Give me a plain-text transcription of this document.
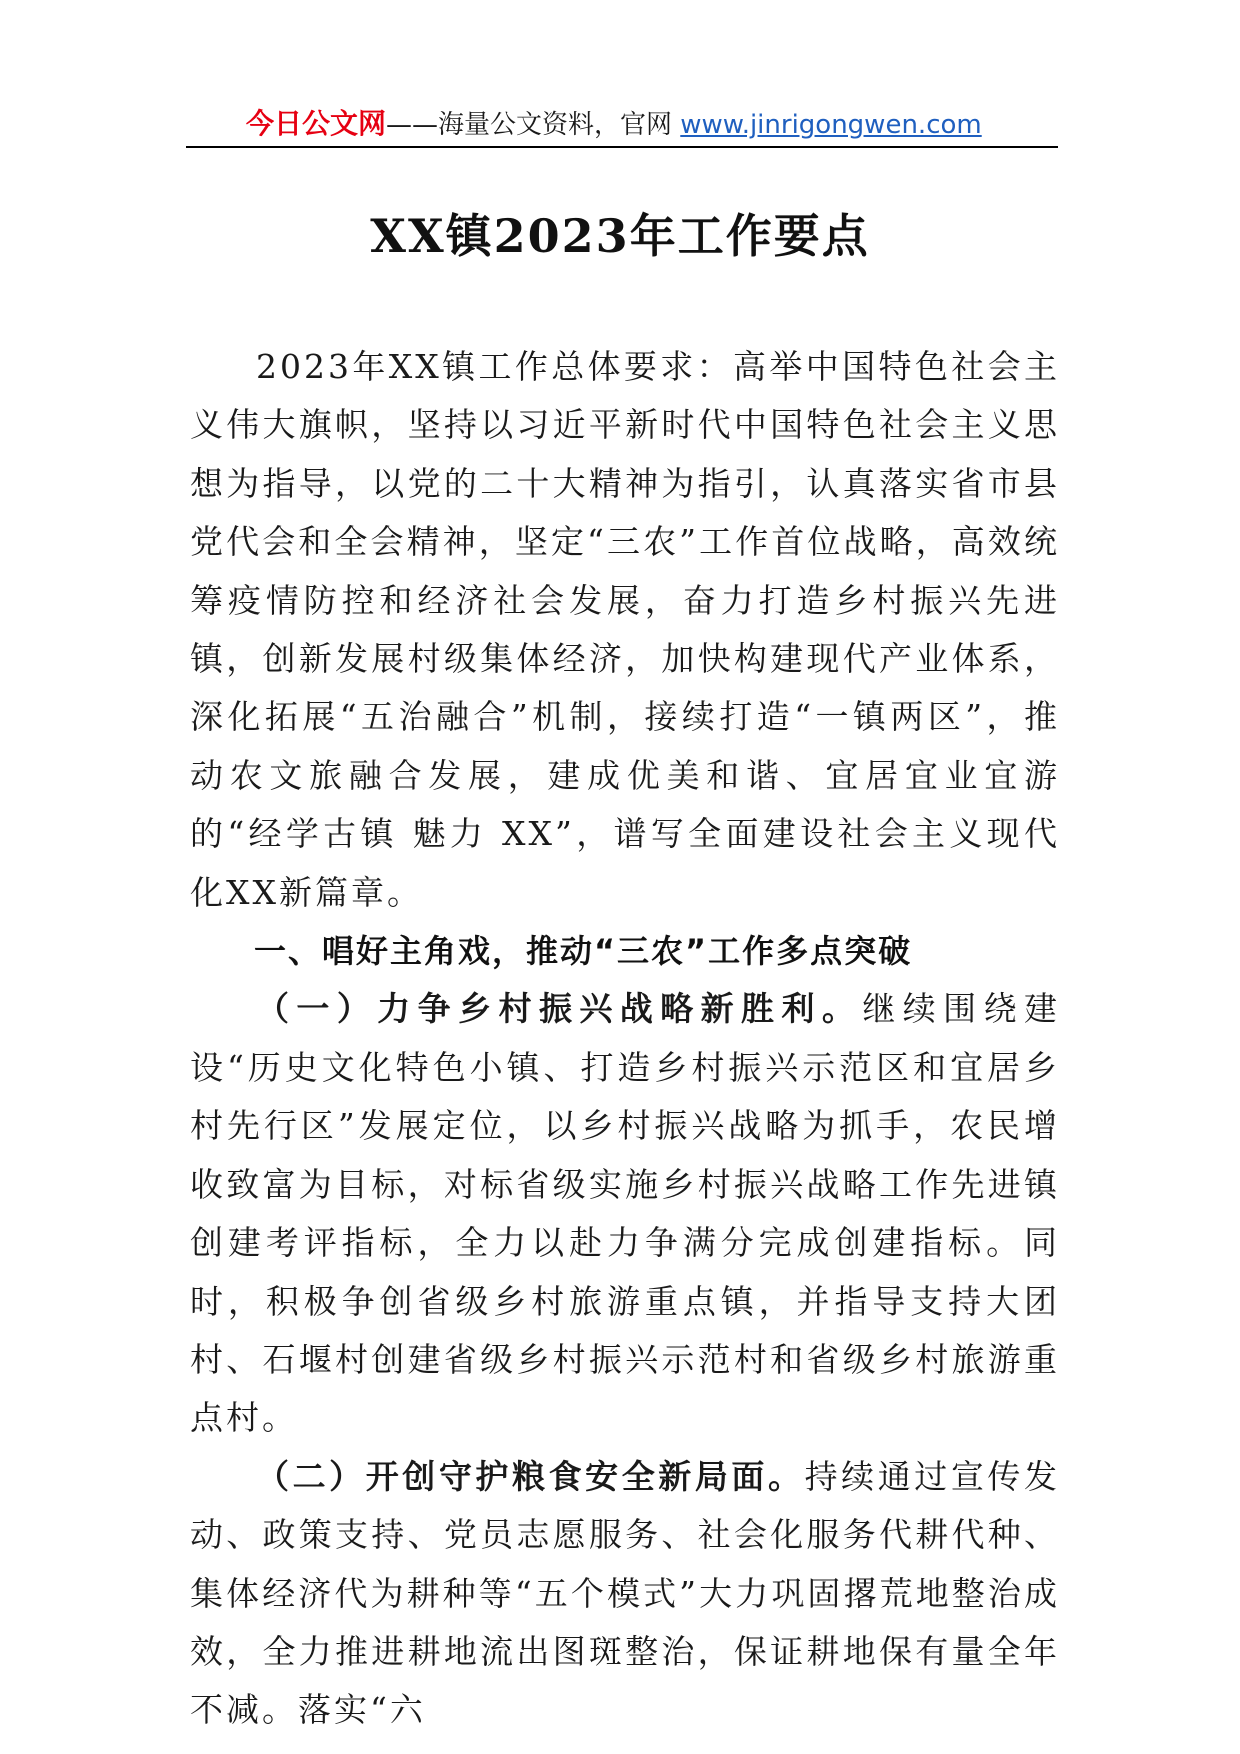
今日公文网——海量公文资料，官网 www.jinrigongwen.com
XX镇2023年工作要点

2023年XX镇工作总体要求：高举中国特色社会主义伟大旗帜，坚持以习近平新时代中国特色社会主义思想为指导，以党的二十大精神为指引，认真落实省市县党代会和全会精神，坚定“三农”工作首位战略，高效统筹疫情防控和经济社会发展，奋力打造乡村振兴先进镇，创新发展村级集体经济，加快构建现代产业体系，深化拓展“五治融合”机制，接续打造“一镇两区”，推动农文旅融合发展，建成优美和谐、宜居宜业宜游的“经学古镇 魅力 XX”，谱写全面建设社会主义现代化XX新篇章。

一、唱好主角戏，推动“三农”工作多点突破

（一）力争乡村振兴战略新胜利。继续围绕建设“历史文化特色小镇、打造乡村振兴示范区和宜居乡村先行区”发展定位，以乡村振兴战略为抓手，农民增收致富为目标，对标省级实施乡村振兴战略工作先进镇创建考评指标，全力以赴力争满分完成创建指标。同时，积极争创省级乡村旅游重点镇，并指导支持大团村、石堰村创建省级乡村振兴示范村和省级乡村旅游重点村。

（二）开创守护粮食安全新局面。持续通过宣传发动、政策支持、党员志愿服务、社会化服务代耕代种、集体经济代为耕种等“五个模式”大力巩固撂荒地整治成效，全力推进耕地流出图斑整治，保证耕地保有量全年不减。落实“六
